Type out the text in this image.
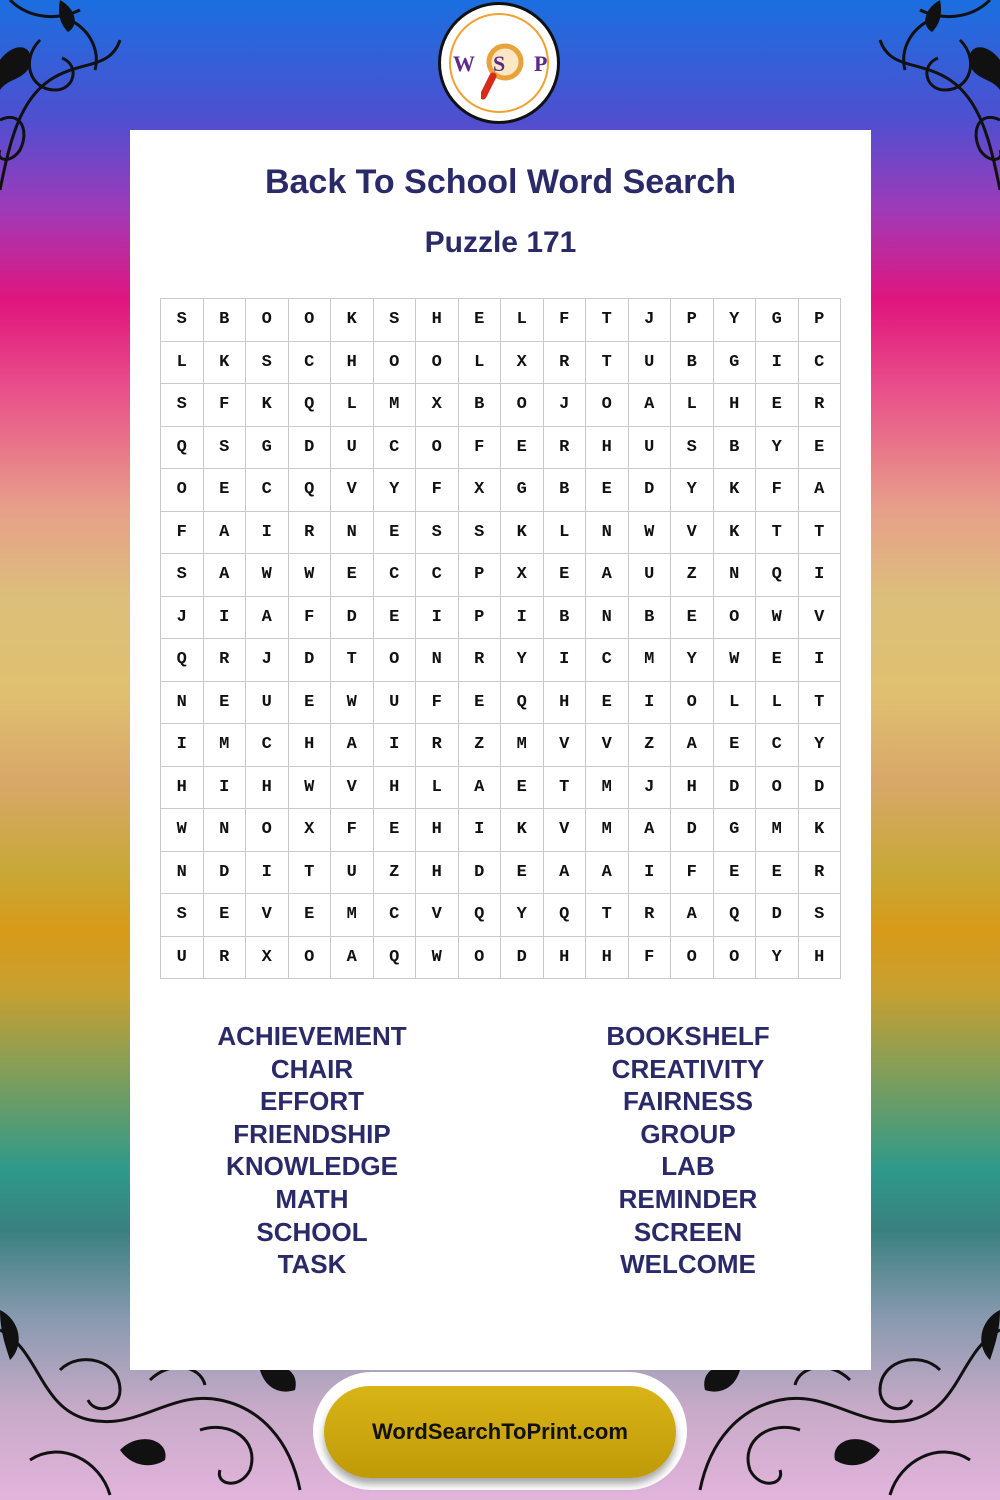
W S P
Back To School Word Search
Puzzle 171
S	B	O	O	K	S	H	E	L	F	T	J	P	Y	G	P
L	K	S	C	H	O	O	L	X	R	T	U	B	G	I	C
S	F	K	Q	L	M	X	B	O	J	O	A	L	H	E	R
Q	S	G	D	U	C	O	F	E	R	H	U	S	B	Y	E
O	E	C	Q	V	Y	F	X	G	B	E	D	Y	K	F	A
F	A	I	R	N	E	S	S	K	L	N	W	V	K	T	T
S	A	W	W	E	C	C	P	X	E	A	U	Z	N	Q	I
J	I	A	F	D	E	I	P	I	B	N	B	E	O	W	V
Q	R	J	D	T	O	N	R	Y	I	C	M	Y	W	E	I
N	E	U	E	W	U	F	E	Q	H	E	I	O	L	L	T
I	M	C	H	A	I	R	Z	M	V	V	Z	A	E	C	Y
H	I	H	W	V	H	L	A	E	T	M	J	H	D	O	D
W	N	O	X	F	E	H	I	K	V	M	A	D	G	M	K
N	D	I	T	U	Z	H	D	E	A	A	I	F	E	E	R
S	E	V	E	M	C	V	Q	Y	Q	T	R	A	Q	D	S
U	R	X	O	A	Q	W	O	D	H	H	F	O	O	Y	H
ACHIEVEMENT
CHAIR
EFFORT
FRIENDSHIP
KNOWLEDGE
MATH
SCHOOL
TASK
BOOKSHELF
CREATIVITY
FAIRNESS
GROUP
LAB
REMINDER
SCREEN
WELCOME
WordSearchToPrint.com
